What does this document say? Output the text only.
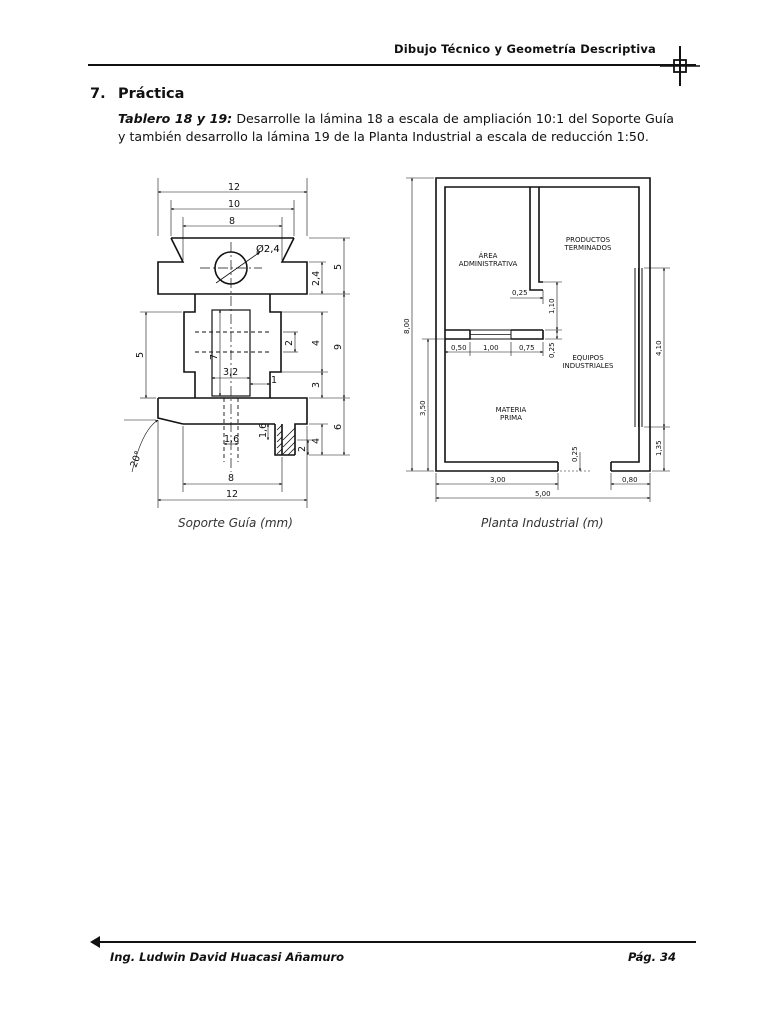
Dibujo Técnico y Geometría Descriptiva
7. Práctica
Tablero 18 y 19: Desarrolle la lámina 18 a escala de ampliación 10:1 del Soporte Guía y también desarrollo la lámina 19 de la Planta Industrial a escala de reducción 1:50.
Ø2,4
12
10
8
5
2,4
2 4
9
3
6
4
2
5	7
3,2
1
1,6
1,6
20°
8
12
Soporte Guía (mm)
ÁREA
ADMINISTRATIVA
PRODUCTOS
TERMINADOS
EQUIPOS
INDUSTRIALES
MATERIA
PRIMA
8,00
3,50
0,50 1,00	0,75
0,25
1,10
0,25	4,10
1,35
0,25
3,00	0,80
5,00
Planta Industrial (m)
Ing. Ludwin David Huacasi Añamuro	Pág. 34
